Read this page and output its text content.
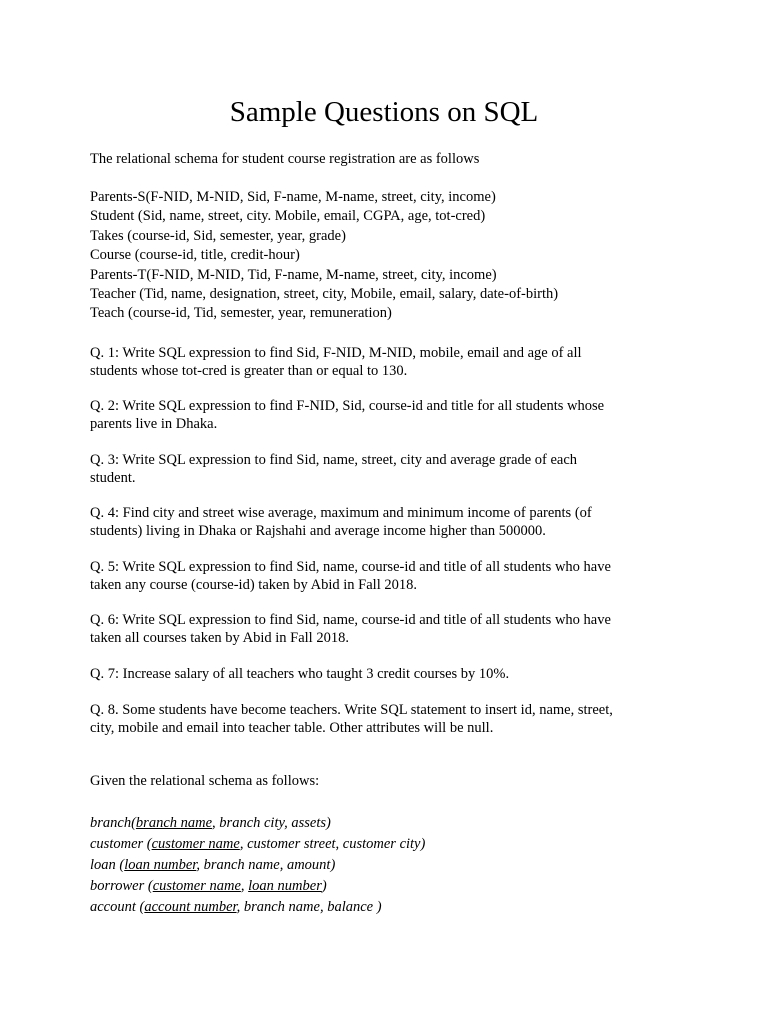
Sample Questions on SQL
The relational schema for student course registration are as follows
Parents-S(F-NID, M-NID, Sid, F-name, M-name, street, city, income)
Student (Sid, name, street, city. Mobile, email, CGPA, age, tot-cred)
Takes (course-id, Sid, semester, year, grade)
Course (course-id, title, credit-hour)
Parents-T(F-NID, M-NID, Tid, F-name, M-name, street, city, income)
Teacher (Tid, name, designation, street, city, Mobile, email, salary, date-of-birth)
Teach (course-id, Tid, semester, year, remuneration)
Q. 1: Write SQL expression to find Sid, F-NID, M-NID, mobile, email and age of all
students whose tot-cred is greater than or equal to 130.
Q. 2: Write SQL expression to find F-NID, Sid, course-id and title for all students whose
parents live in Dhaka.
Q. 3: Write SQL expression to find Sid, name, street, city and average grade of each
student.
Q. 4: Find city and street wise average, maximum and minimum income of parents (of
students) living in Dhaka or Rajshahi and average income higher than 500000.
Q. 5: Write SQL expression to find Sid, name, course-id and title of all students who have
taken any course (course-id) taken by Abid in Fall 2018.
Q. 6: Write SQL expression to find Sid, name, course-id and title of all students who have
taken all courses taken by Abid in Fall 2018.
Q. 7: Increase salary of all teachers who taught 3 credit courses by 10%.
Q. 8. Some students have become teachers. Write SQL statement to insert id, name, street,
city, mobile and email into teacher table. Other attributes will be null.
Given the relational schema as follows:
branch(branch name, branch city, assets)
customer (customer name, customer street, customer city)
loan (loan number, branch name, amount)
borrower (customer name, loan number)
account (account number, branch name, balance )
